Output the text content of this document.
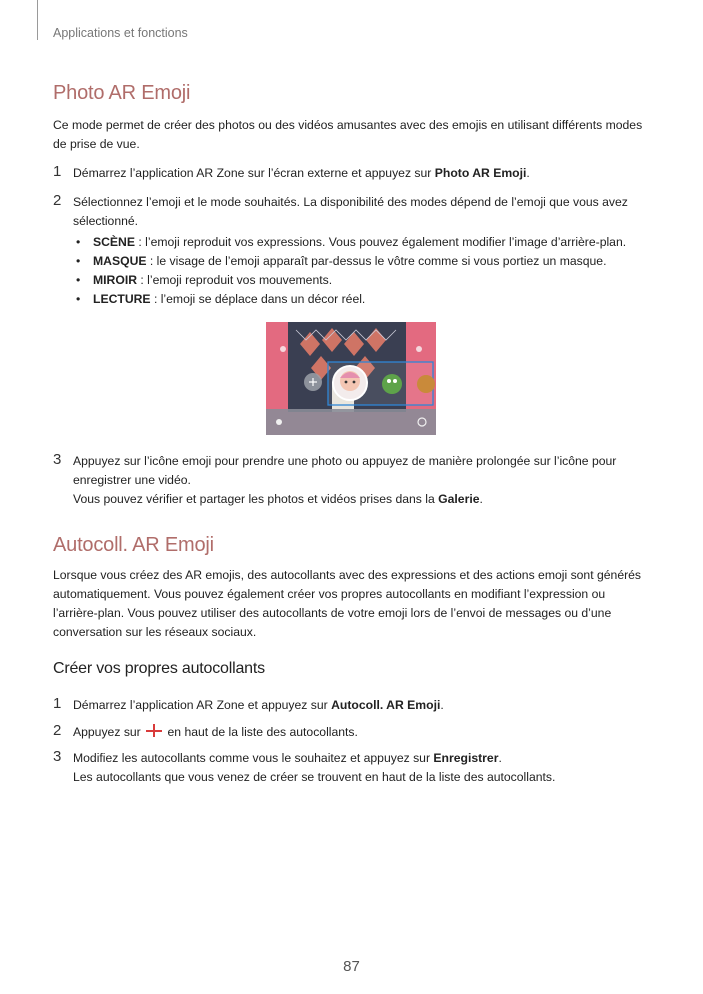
Applications et fonctions
Photo AR Emoji

Ce mode permet de créer des photos ou des vidéos amusantes avec des emojis en utilisant différents modes de prise de vue.

1 Démarrez l’application AR Zone sur l’écran externe et appuyez sur Photo AR Emoji.
2 Sélectionnez l’emoji et le mode souhaités. La disponibilité des modes dépend de l’emoji que vous avez sélectionné.
• SCÈNE : l’emoji reproduit vos expressions. Vous pouvez également modifier l’image d’arrière-plan.
• MASQUE : le visage de l’emoji apparaît par-dessus le vôtre comme si vous portiez un masque.
• MIROIR : l’emoji reproduit vos mouvements.
• LECTURE : l’emoji se déplace dans un décor réel.
3 Appuyez sur l’icône emoji pour prendre une photo ou appuyez de manière prolongée sur l’icône pour enregistrer une vidéo.
Vous pouvez vérifier et partager les photos et vidéos prises dans la Galerie.
Autocoll. AR Emoji

Lorsque vous créez des AR emojis, des autocollants avec des expressions et des actions emoji sont générés automatiquement. Vous pouvez également créer vos propres autocollants en modifiant l’expression ou l’arrière-plan. Vous pouvez utiliser des autocollants de votre emoji lors de l’envoi de messages ou d’une conversation sur les réseaux sociaux.

Créer vos propres autocollants
1 Démarrez l’application AR Zone et appuyez sur Autocoll. AR Emoji.
2 Appuyez sur  en haut de la liste des autocollants.
3 Modifiez les autocollants comme vous le souhaitez et appuyez sur Enregistrer.
Les autocollants que vous venez de créer se trouvent en haut de la liste des autocollants.
87
